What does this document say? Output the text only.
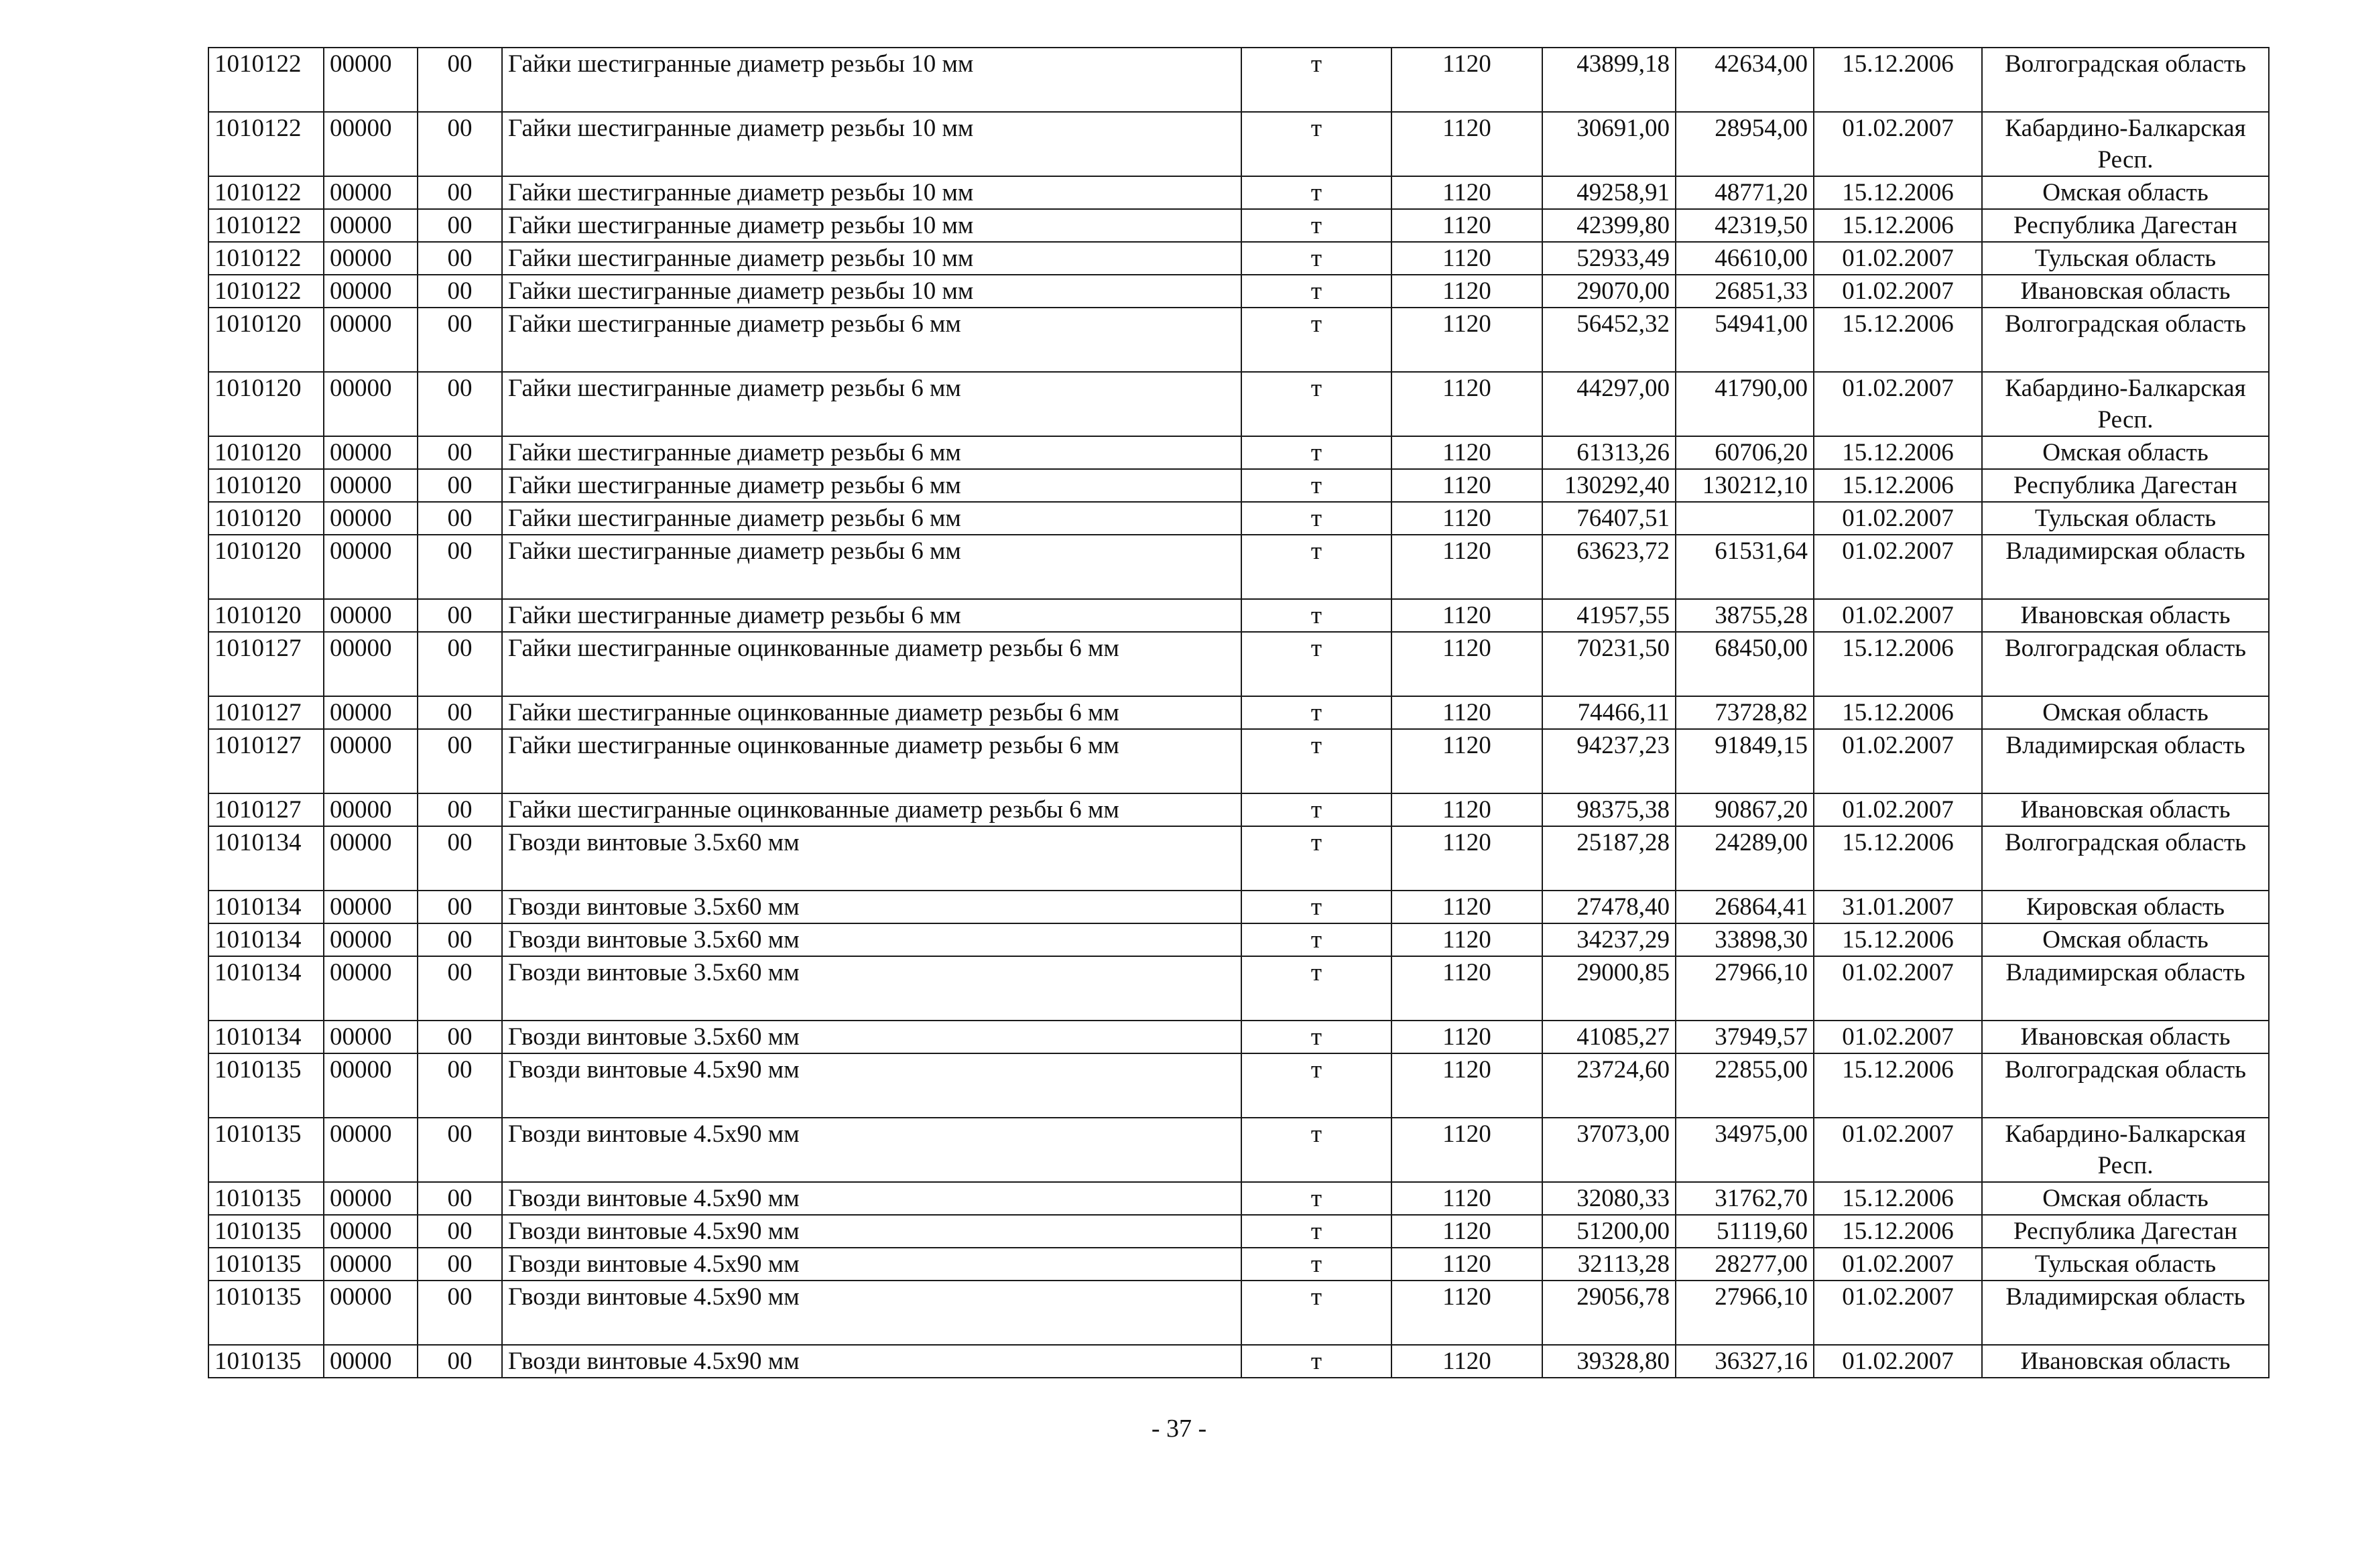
1010122	00000	00	Гайки шестигранные диаметр резьбы 10 мм	т	1120	43899,18	42634,00	15.12.2006	Волгоградская область
1010122	00000	00	Гайки шестигранные диаметр резьбы 10 мм	т	1120	30691,00	28954,00	01.02.2007	Кабардино-Балкарская Респ.
1010122	00000	00	Гайки шестигранные диаметр резьбы 10 мм	т	1120	49258,91	48771,20	15.12.2006	Омская область
1010122	00000	00	Гайки шестигранные диаметр резьбы 10 мм	т	1120	42399,80	42319,50	15.12.2006	Республика Дагестан
1010122	00000	00	Гайки шестигранные диаметр резьбы 10 мм	т	1120	52933,49	46610,00	01.02.2007	Тульская область
1010122	00000	00	Гайки шестигранные диаметр резьбы 10 мм	т	1120	29070,00	26851,33	01.02.2007	Ивановская область
1010120	00000	00	Гайки шестигранные диаметр резьбы 6 мм	т	1120	56452,32	54941,00	15.12.2006	Волгоградская область
1010120	00000	00	Гайки шестигранные диаметр резьбы 6 мм	т	1120	44297,00	41790,00	01.02.2007	Кабардино-Балкарская Респ.
1010120	00000	00	Гайки шестигранные диаметр резьбы 6 мм	т	1120	61313,26	60706,20	15.12.2006	Омская область
1010120	00000	00	Гайки шестигранные диаметр резьбы 6 мм	т	1120	130292,40	130212,10	15.12.2006	Республика Дагестан
1010120	00000	00	Гайки шестигранные диаметр резьбы 6 мм	т	1120	76407,51		01.02.2007	Тульская область
1010120	00000	00	Гайки шестигранные диаметр резьбы 6 мм	т	1120	63623,72	61531,64	01.02.2007	Владимирская область
1010120	00000	00	Гайки шестигранные диаметр резьбы 6 мм	т	1120	41957,55	38755,28	01.02.2007	Ивановская область
1010127	00000	00	Гайки шестигранные оцинкованные диаметр резьбы 6 мм	т	1120	70231,50	68450,00	15.12.2006	Волгоградская область
1010127	00000	00	Гайки шестигранные оцинкованные диаметр резьбы 6 мм	т	1120	74466,11	73728,82	15.12.2006	Омская область
1010127	00000	00	Гайки шестигранные оцинкованные диаметр резьбы 6 мм	т	1120	94237,23	91849,15	01.02.2007	Владимирская область
1010127	00000	00	Гайки шестигранные оцинкованные диаметр резьбы 6 мм	т	1120	98375,38	90867,20	01.02.2007	Ивановская область
1010134	00000	00	Гвозди винтовые 3.5х60 мм	т	1120	25187,28	24289,00	15.12.2006	Волгоградская область
1010134	00000	00	Гвозди винтовые 3.5х60 мм	т	1120	27478,40	26864,41	31.01.2007	Кировская область
1010134	00000	00	Гвозди винтовые 3.5х60 мм	т	1120	34237,29	33898,30	15.12.2006	Омская область
1010134	00000	00	Гвозди винтовые 3.5х60 мм	т	1120	29000,85	27966,10	01.02.2007	Владимирская область
1010134	00000	00	Гвозди винтовые 3.5х60 мм	т	1120	41085,27	37949,57	01.02.2007	Ивановская область
1010135	00000	00	Гвозди винтовые 4.5х90 мм	т	1120	23724,60	22855,00	15.12.2006	Волгоградская область
1010135	00000	00	Гвозди винтовые 4.5х90 мм	т	1120	37073,00	34975,00	01.02.2007	Кабардино-Балкарская Респ.
1010135	00000	00	Гвозди винтовые 4.5х90 мм	т	1120	32080,33	31762,70	15.12.2006	Омская область
1010135	00000	00	Гвозди винтовые 4.5х90 мм	т	1120	51200,00	51119,60	15.12.2006	Республика Дагестан
1010135	00000	00	Гвозди винтовые 4.5х90 мм	т	1120	32113,28	28277,00	01.02.2007	Тульская область
1010135	00000	00	Гвозди винтовые 4.5х90 мм	т	1120	29056,78	27966,10	01.02.2007	Владимирская область
1010135	00000	00	Гвозди винтовые 4.5х90 мм	т	1120	39328,80	36327,16	01.02.2007	Ивановская область
- 37 -
